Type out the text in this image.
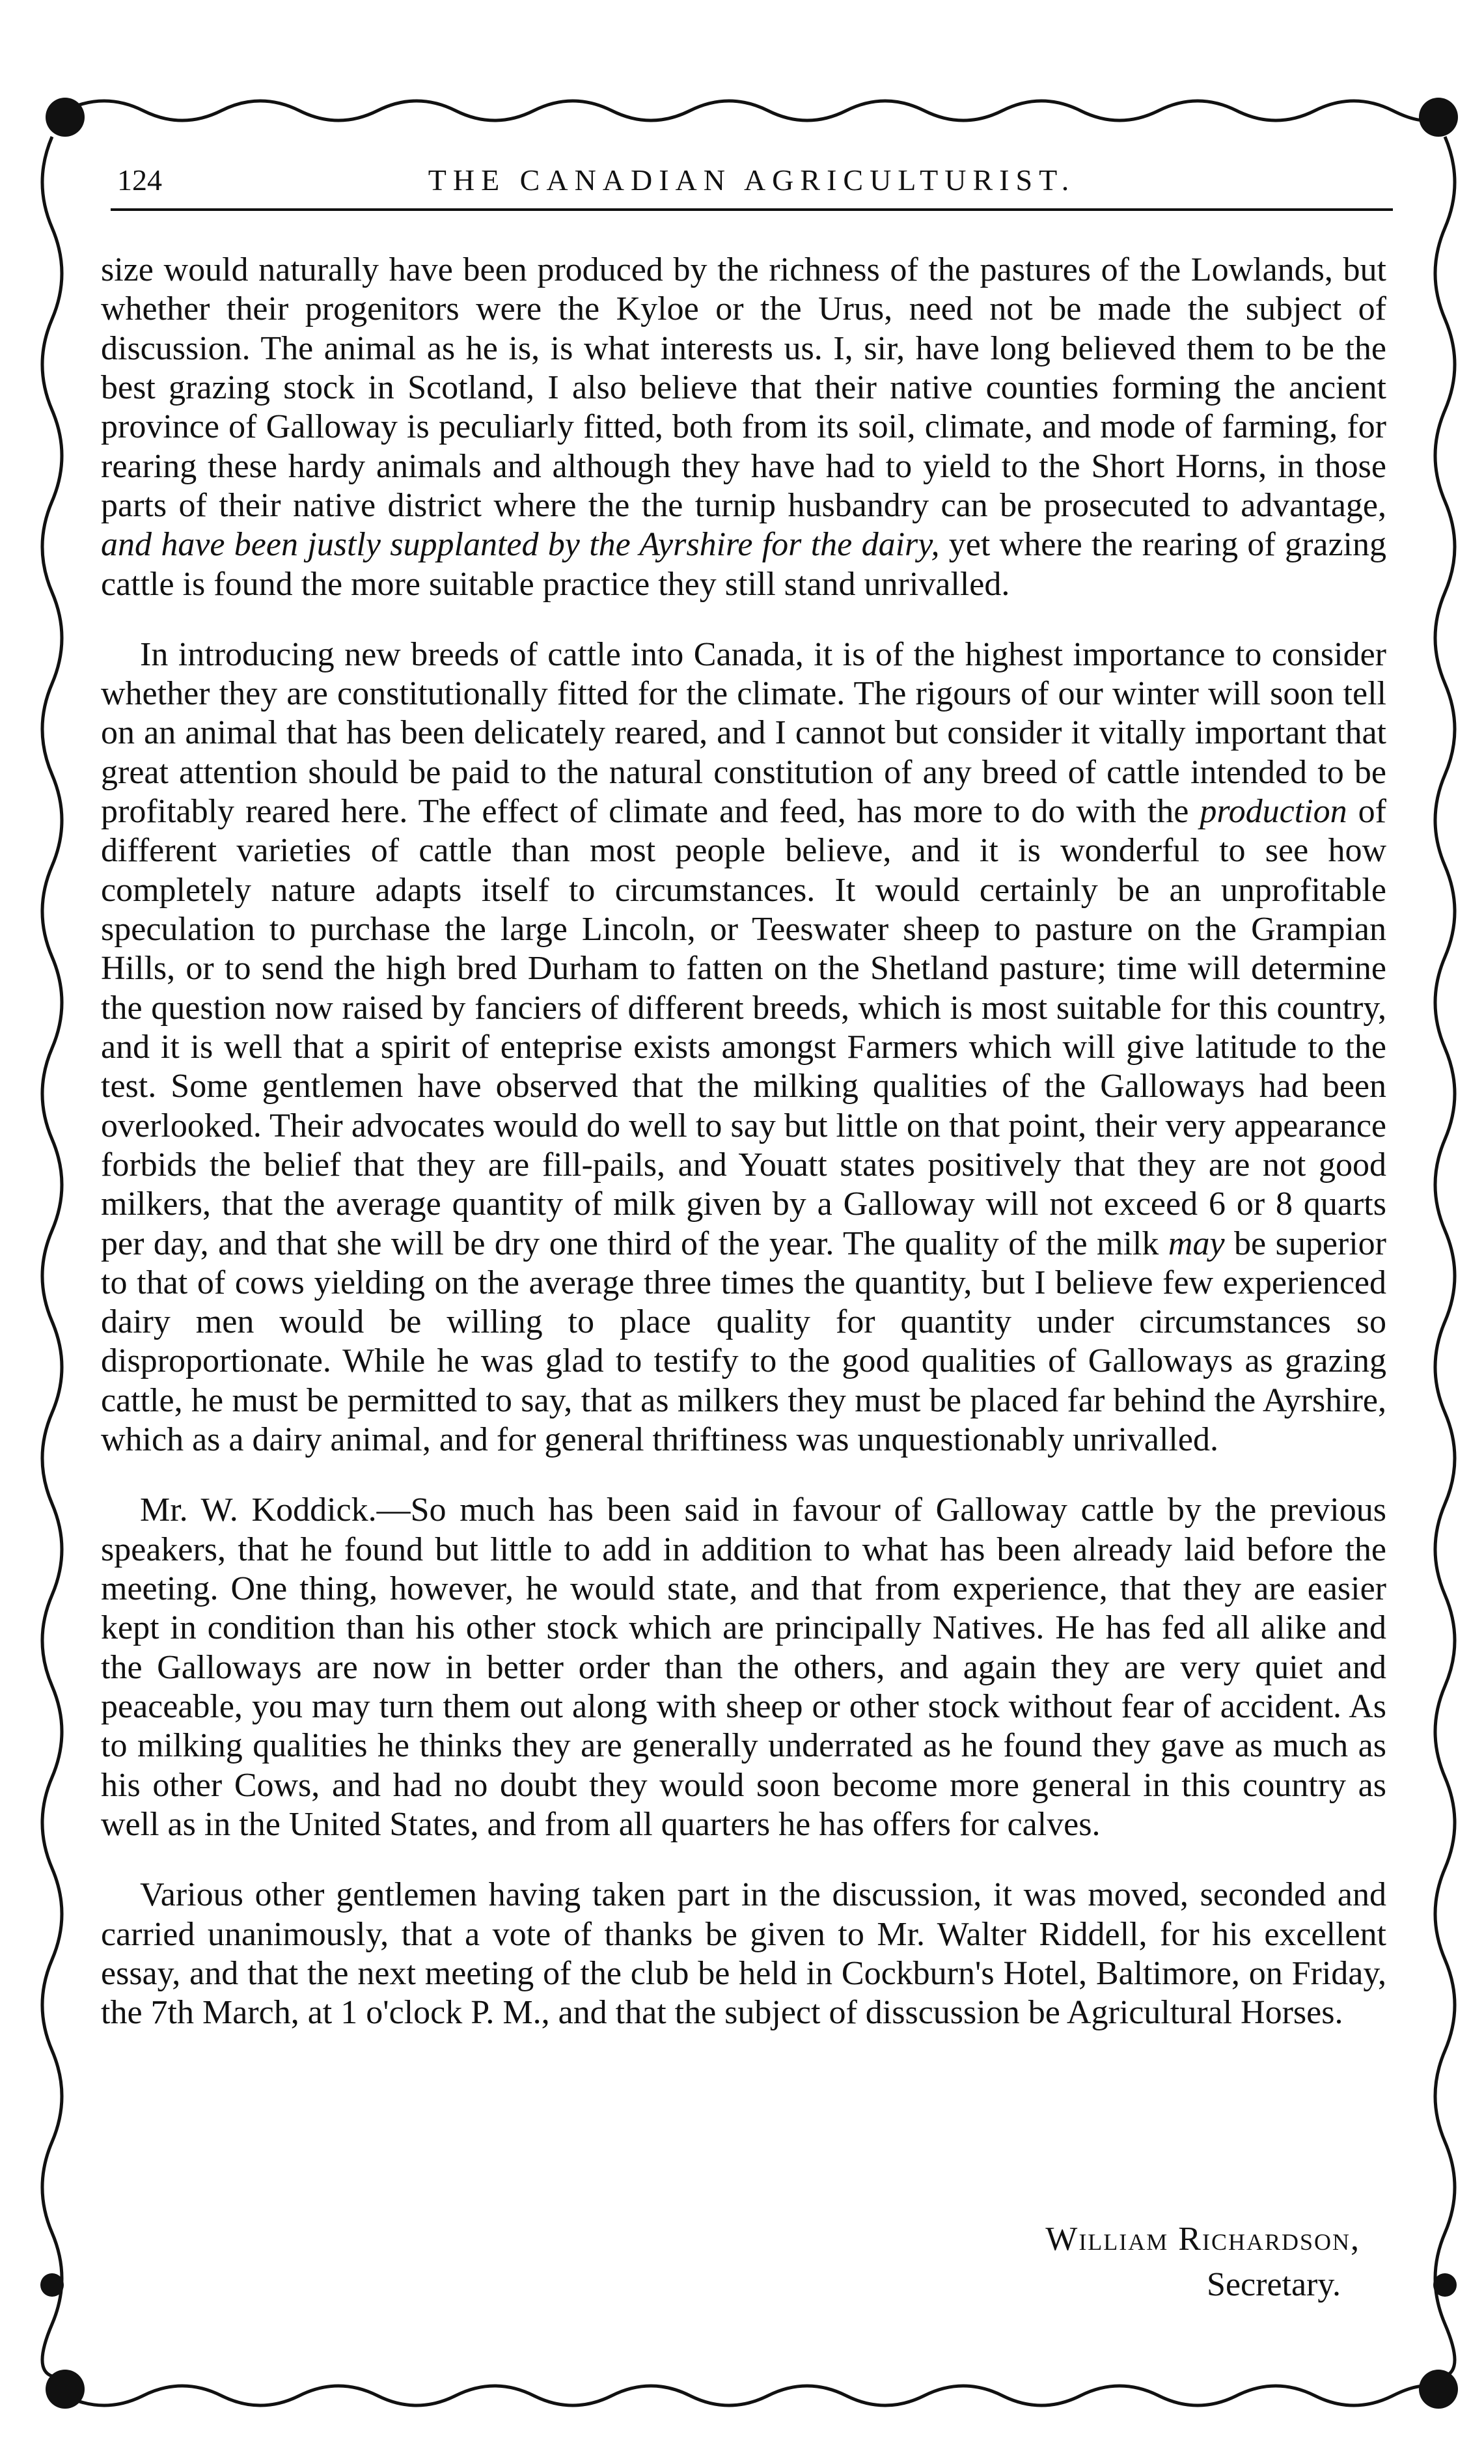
124	THE CANADIAN AGRICULTURIST.

size would naturally have been produced by the richness of the pastures of the Lowlands, but whether their progenitors were the Kyloe or the Urus, need not be made the subject of discussion. The animal as he is, is what interests us. I, sir, have long believed them to be the best grazing stock in Scotland, I also believe that their native counties forming the ancient province of Galloway is peculiarly fitted, both from its soil, climate, and mode of farming, for rearing these hardy animals and although they have had to yield to the Short Horns, in those parts of their native district where the the turnip husbandry can be prosecuted to advantage, and have been justly supplanted by the Ayrshire for the dairy, yet where the rearing of grazing cattle is found the more suitable practice they still stand unrivalled.

In introducing new breeds of cattle into Canada, it is of the highest importance to consider whether they are constitutionally fitted for the climate. The rigours of our winter will soon tell on an animal that has been delicately reared, and I cannot but consider it vitally important that great attention should be paid to the natural constitution of any breed of cattle intended to be profitably reared here. The effect of climate and feed, has more to do with the production of different varieties of cattle than most people believe, and it is wonderful to see how completely nature adapts itself to circumstances. It would certainly be an unprofitable speculation to purchase the large Lincoln, or Teeswater sheep to pasture on the Grampian Hills, or to send the high bred Durham to fatten on the Shetland pasture; time will determine the question now raised by fanciers of different breeds, which is most suitable for this country, and it is well that a spirit of enteprise exists amongst Farmers which will give latitude to the test. Some gentlemen have observed that the milking qualities of the Galloways had been overlooked. Their advocates would do well to say but little on that point, their very appearance forbids the belief that they are fill-pails, and Youatt states positively that they are not good milkers, that the average quantity of milk given by a Galloway will not exceed 6 or 8 quarts per day, and that she will be dry one third of the year. The quality of the milk may be superior to that of cows yielding on the average three times the quantity, but I believe few experienced dairy men would be willing to place quality for quantity under circumstances so disproportionate. While he was glad to testify to the good qualities of Galloways as grazing cattle, he must be permitted to say, that as milkers they must be placed far behind the Ayrshire, which as a dairy animal, and for general thriftiness was unquestionably unrivalled.

Mr. W. Koddick.—So much has been said in favour of Galloway cattle by the previous speakers, that he found but little to add in addition to what has been already laid before the meeting. One thing, however, he would state, and that from experience, that they are easier kept in condition than his other stock which are principally Natives. He has fed all alike and the Galloways are now in better order than the others, and again they are very quiet and peaceable, you may turn them out along with sheep or other stock without fear of accident. As to milking qualities he thinks they are generally underrated as he found they gave as much as his other Cows, and had no doubt they would soon become more general in this country as well as in the United States, and from all quarters he has offers for calves.

Various other gentlemen having taken part in the discussion, it was moved, seconded and carried unanimously, that a vote of thanks be given to Mr. Walter Riddell, for his excellent essay, and that the next meeting of the club be held in Cockburn's Hotel, Baltimore, on Friday, the 7th March, at 1 o'clock P. M., and that the subject of disscussion be Agricultural Horses.

William Richardson,
Secretary.
